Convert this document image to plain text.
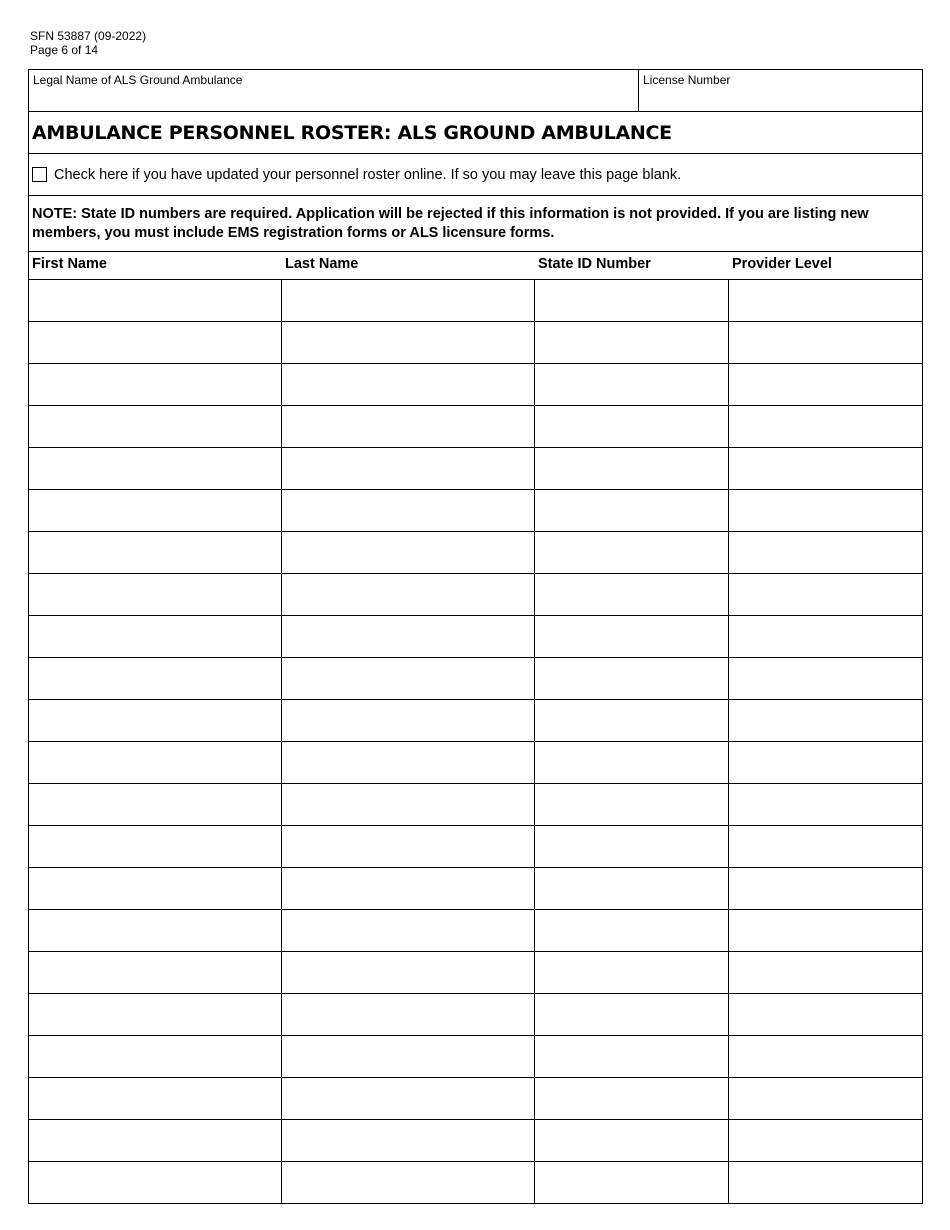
SFN 53887 (09-2022)
Page 6 of 14
Legal Name of ALS Ground Ambulance	License Number
AMBULANCE PERSONNEL ROSTER: ALS GROUND AMBULANCE
Check here if you have updated your personnel roster online. If so you may leave this page blank.
NOTE: State ID numbers are required. Application will be rejected if this information is not provided. If you are listing new members, you must include EMS registration forms or ALS licensure forms.
First Name	Last Name	State ID Number	Provider Level
